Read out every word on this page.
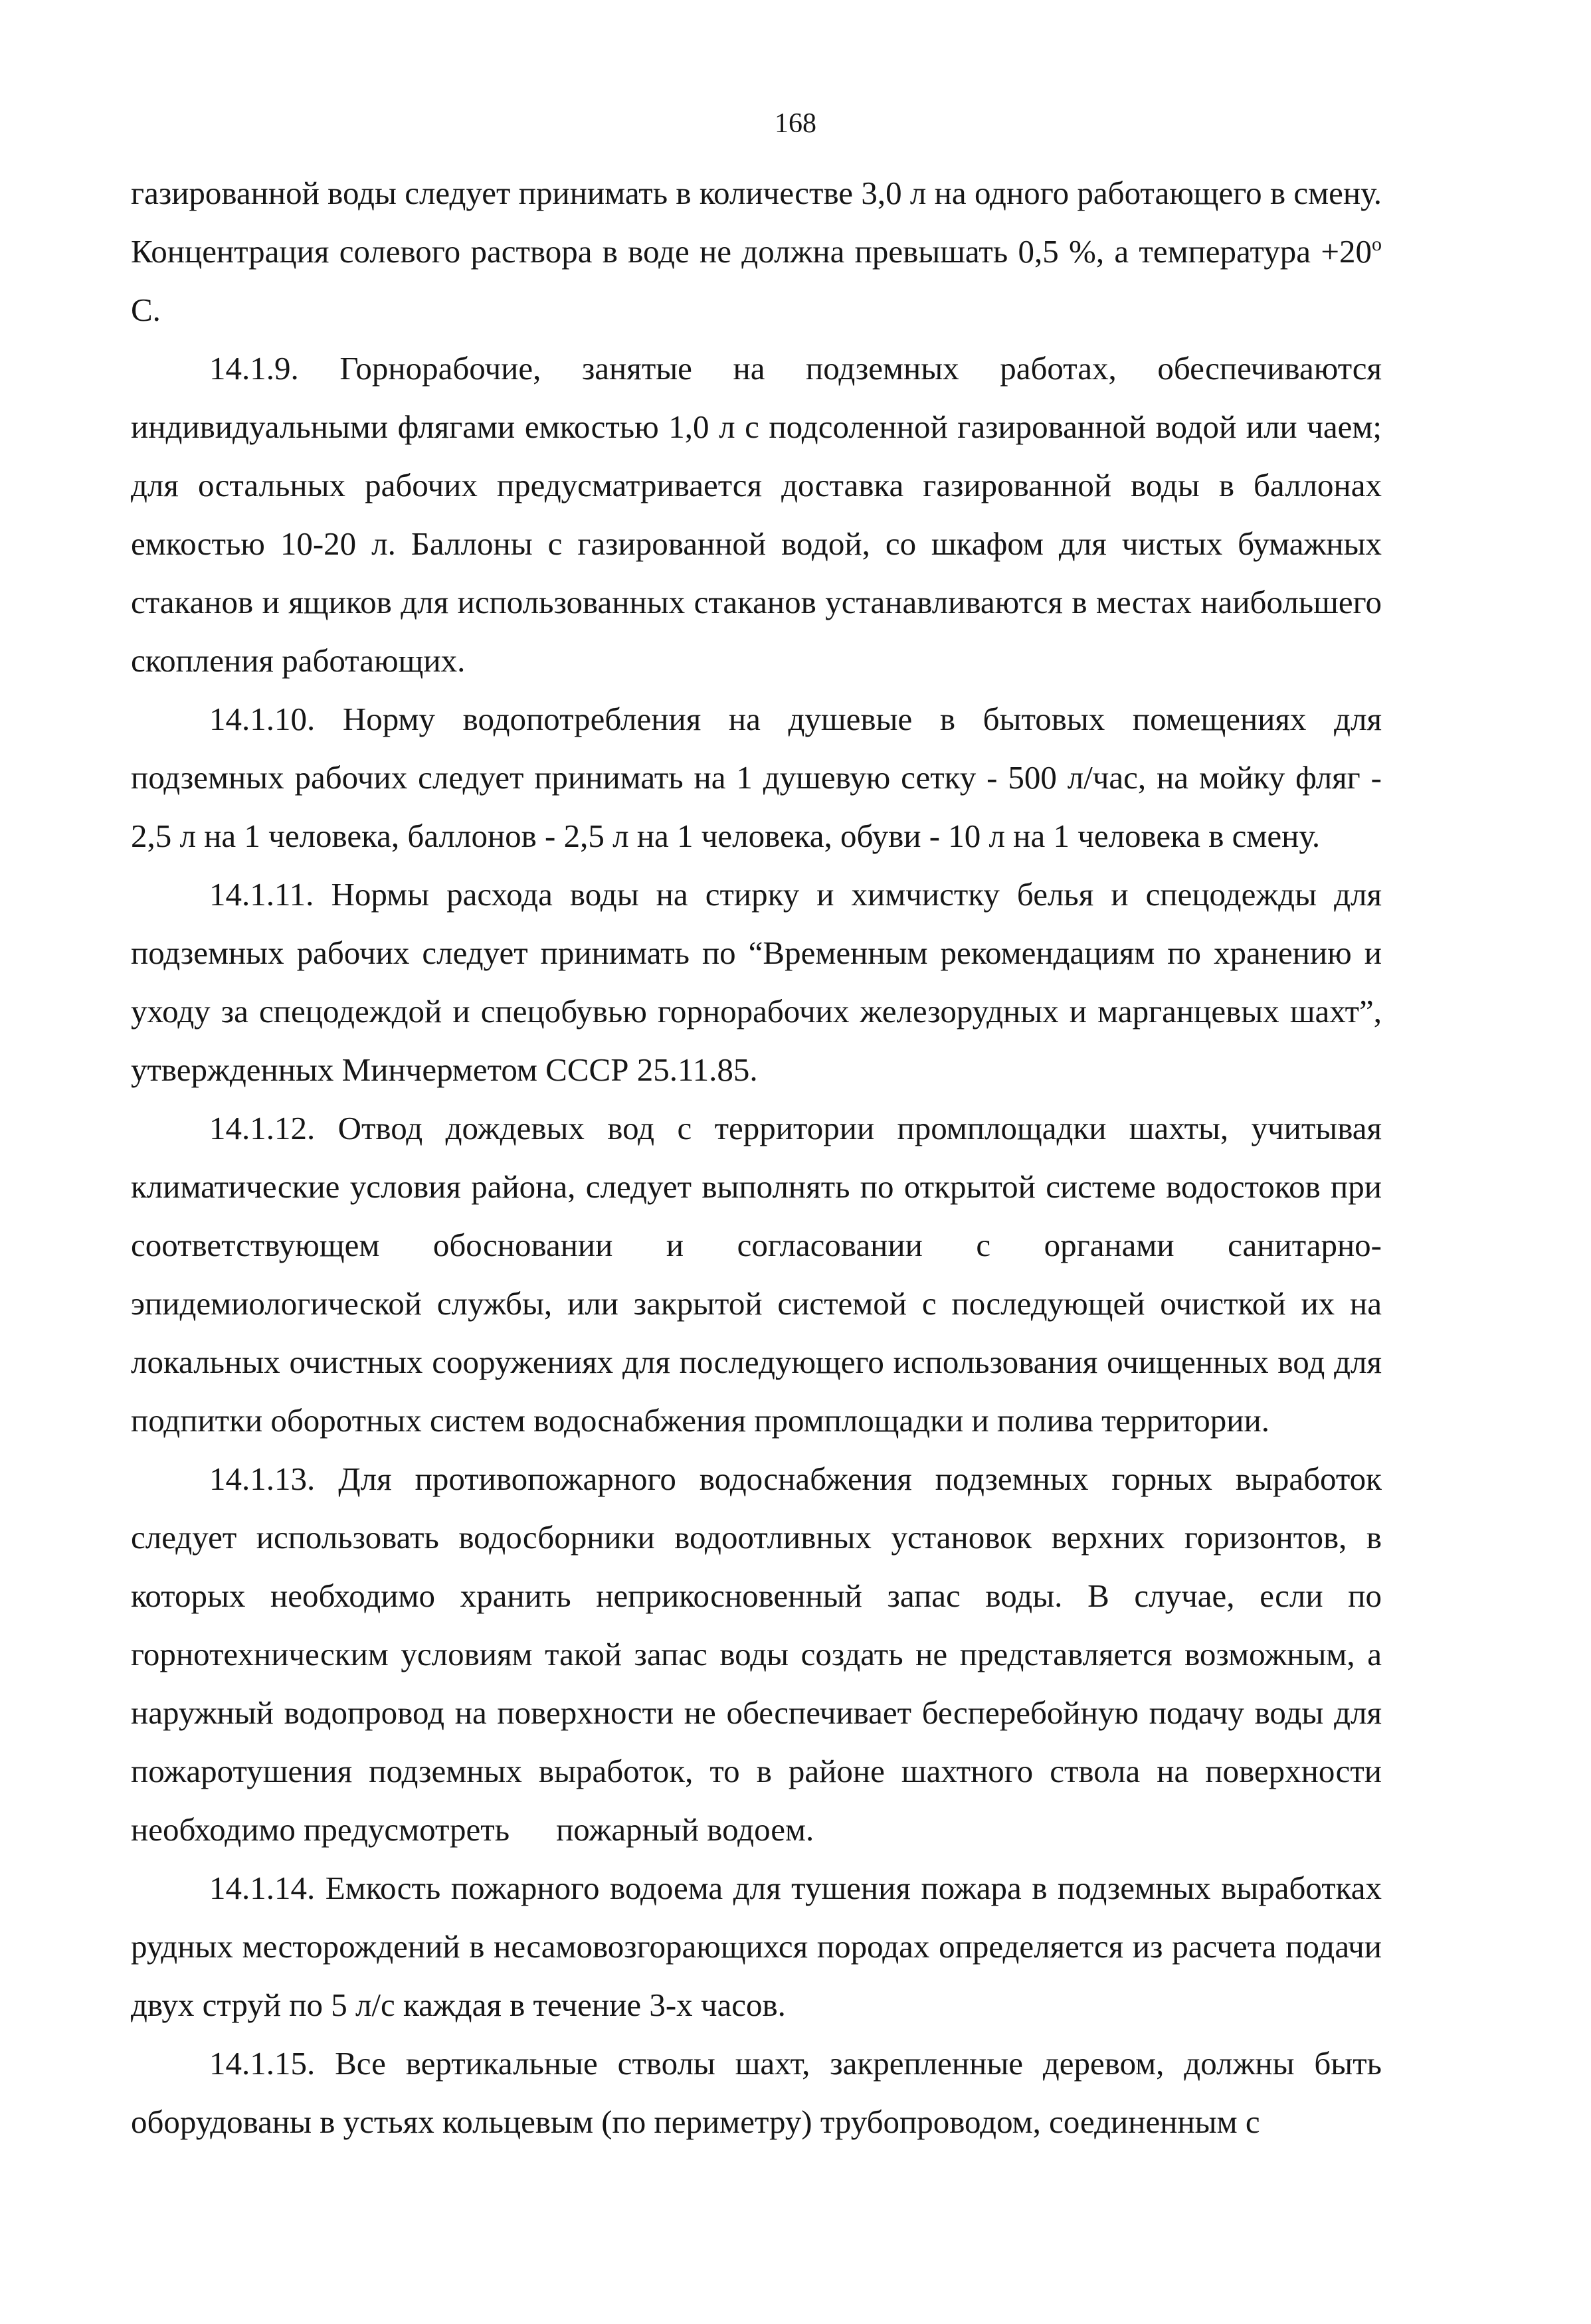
168

газированной воды следует принимать в количестве 3,0 л на одного работающего в смену. Концентрация солевого раствора в воде не должна превышать 0,5 %, а температура $+20^о$ С.

14.1.9. Горнорабочие, занятые на подземных работах, обеспечиваются индивидуальными флягами емкостью 1,0 л с подсоленной газированной водой или чаем; для остальных рабочих предусматривается доставка газированной воды в баллонах емкостью 10-20 л. Баллоны с газированной водой, со шкафом для чистых бумажных стаканов и ящиков для использованных стаканов устанавливаются в местах наибольшего скопления работающих.

14.1.10. Норму водопотребления на душевые в бытовых помещениях для подземных рабочих следует принимать на 1 душевую сетку - 500 л/час, на мойку фляг - 2,5 л на 1 человека, баллонов - 2,5 л на 1 человека, обуви - 10 л на 1 человека в смену.

14.1.11. Нормы расхода воды на стирку и химчистку белья и спецодежды для подземных рабочих следует принимать по “Временным рекомендациям по хранению и уходу за спецодеждой и спецобувью горнорабочих железорудных и марганцевых шахт”, утвержденных Минчерметом СССР 25.11.85.

14.1.12. Отвод дождевых вод с территории промплощадки шахты, учитывая климатические условия района, следует выполнять по открытой системе водостоков при соответствующем обосновании и согласовании с органами санитарно-эпидемиологической службы, или закрытой системой с последующей очисткой их на локальных очистных сооружениях для последующего использования очищенных вод для подпитки оборотных систем водоснабжения промплощадки и полива территории.

14.1.13. Для противопожарного водоснабжения подземных горных выработок следует использовать водосборники водоотливных установок верхних горизонтов, в которых необходимо хранить неприкосновенный запас воды. В случае, если по горнотехническим условиям такой запас воды создать не представляется возможным, а наружный водопровод на поверхности не обеспечивает бесперебойную подачу воды для пожаротушения подземных выработок, то в районе шахтного ствола на поверхности необходимо предусмотреть пожарный водоем.

14.1.14. Емкость пожарного водоема для тушения пожара в подземных выработках рудных месторождений в несамовозгорающихся породах определяется из расчета подачи двух струй по 5 л/с каждая в течение 3-х часов.

14.1.15. Все вертикальные стволы шахт, закрепленные деревом, должны быть оборудованы в устьях кольцевым (по периметру) трубопроводом, соединенным с
